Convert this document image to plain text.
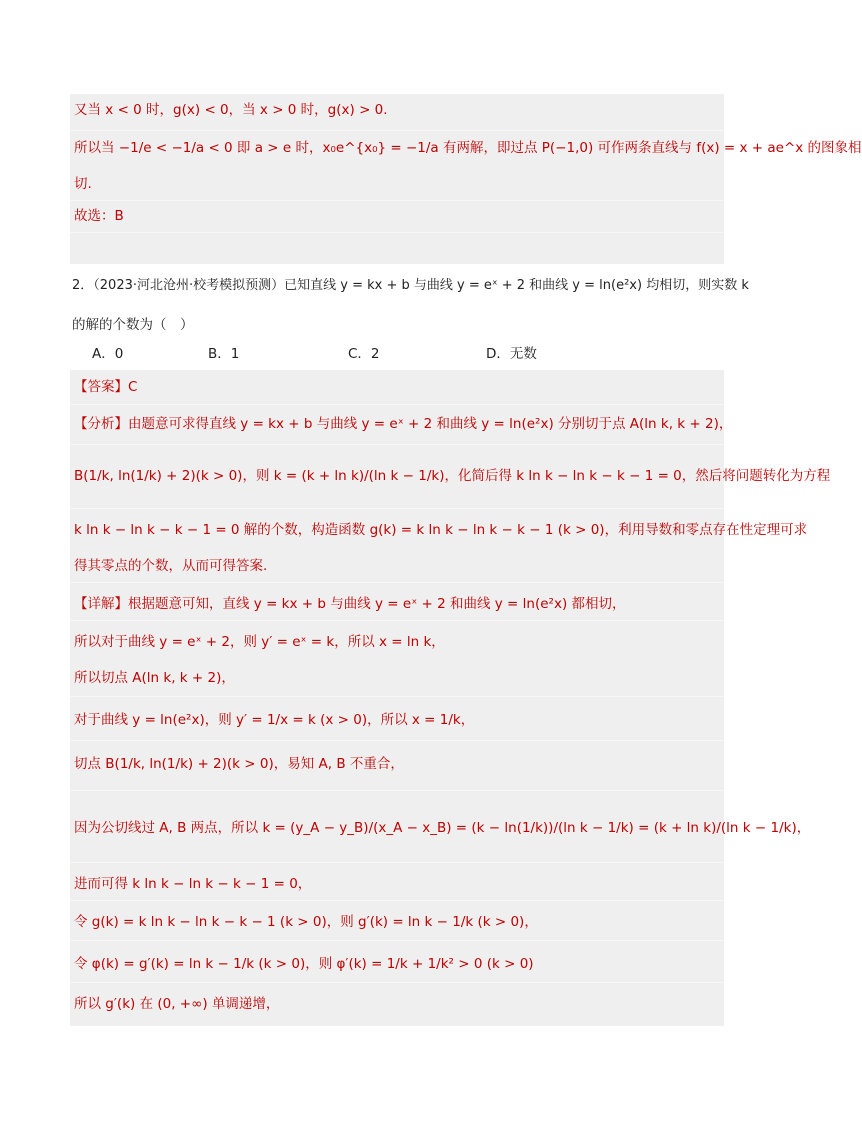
又当 x < 0 时，g(x) < 0，当 x > 0 时，g(x) > 0.
所以当 −1/e < −1/a < 0 即 a > e 时，x₀e^{x₀} = −1/a 有两解，即过点 P(−1,0) 可作两条直线与 f(x) = x + ae^x 的图象相
切.
故选：B
2．（2023·河北沧州·校考模拟预测）已知直线 y = kx + b 与曲线 y = eˣ + 2 和曲线 y = ln(e²x) 均相切，则实数 k
的解的个数为（　）
A．0	B．1	C．2	D．无数
【答案】C
【分析】由题意可求得直线 y = kx + b 与曲线 y = eˣ + 2 和曲线 y = ln(e²x) 分别切于点 A(ln k, k + 2)，
B(1/k, ln(1/k) + 2)(k > 0)，则 k = (k + ln k)/(ln k − 1/k)，化简后得 k ln k − ln k − k − 1 = 0，然后将问题转化为方程
k ln k − ln k − k − 1 = 0 解的个数，构造函数 g(k) = k ln k − ln k − k − 1 (k > 0)，利用导数和零点存在性定理可求
得其零点的个数，从而可得答案.
【详解】根据题意可知，直线 y = kx + b 与曲线 y = eˣ + 2 和曲线 y = ln(e²x) 都相切，
所以对于曲线 y = eˣ + 2，则 y′ = eˣ = k，所以 x = ln k，
所以切点 A(ln k, k + 2)，
对于曲线 y = ln(e²x)，则 y′ = 1/x = k (x > 0)，所以 x = 1/k，
切点 B(1/k, ln(1/k) + 2)(k > 0)，易知 A, B 不重合，
因为公切线过 A, B 两点，所以 k = (y_A − y_B)/(x_A − x_B) = (k − ln(1/k))/(ln k − 1/k) = (k + ln k)/(ln k − 1/k)，
进而可得 k ln k − ln k − k − 1 = 0，
令 g(k) = k ln k − ln k − k − 1 (k > 0)，则 g′(k) = ln k − 1/k (k > 0)，
令 φ(k) = g′(k) = ln k − 1/k (k > 0)，则 φ′(k) = 1/k + 1/k² > 0 (k > 0)
所以 g′(k) 在 (0, +∞) 单调递增，
